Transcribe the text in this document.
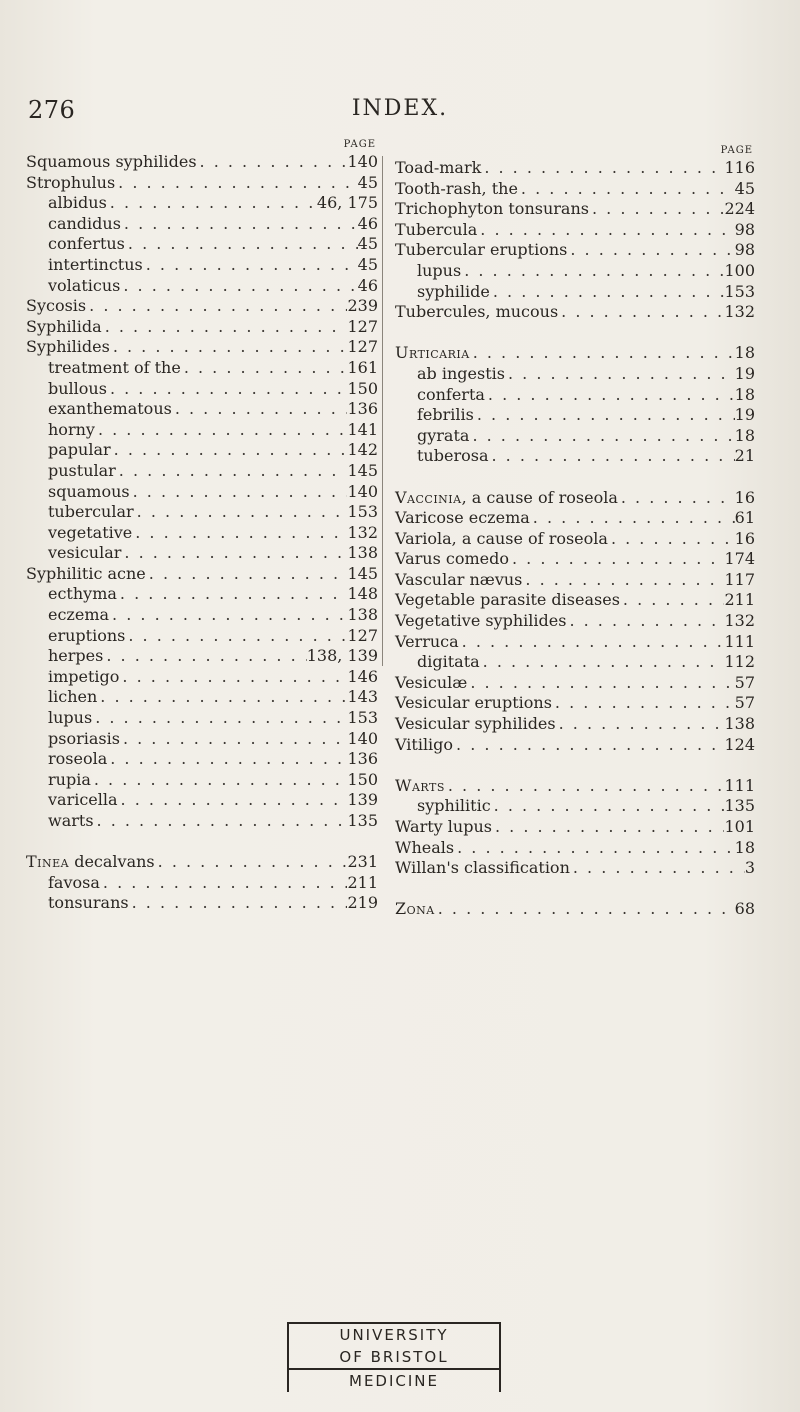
276	INDEX.
PAGE
Squamous syphilides . . .	140
Strophulus . . .	45
albidus . . .	46, 175
candidus . . .	46
confertus . . .	45
intertinctus . . .	45
volaticus . . .	46
Sycosis . . .	239
Syphilida . . .	127
Syphilides . . .	127
treatment of the . . .	161
bullous . . .	150
exanthematous . . .	136
horny . . .	141
papular . . .	142
pustular . . .	145
squamous . . .	140
tubercular . . .	153
vegetative . . .	132
vesicular . . .	138
Syphilitic acne . . .	145
ecthyma . . .	148
eczema . . .	138
eruptions . . .	127
herpes . . .	138, 139
impetigo . . .	146
lichen . . .	143
lupus . . .	153
psoriasis . . .	140
roseola . . .	136
rupia . . .	150
varicella . . .	139
warts . . .	135
Tinea decalvans . . .	231
favosa . . .	211
tonsurans . . .	219
PAGE
Toad-mark . . .	116
Tooth-rash, the . . .	45
Trichophyton tonsurans . . .	224
Tubercula . . .	98
Tubercular eruptions . . .	98
lupus . . .	100
syphilide . . .	153
Tubercules, mucous . . .	132
Urticaria . . .	18
ab ingestis . . .	19
conferta . . .	18
febrilis . . .	19
gyrata . . .	18
tuberosa . . .	21
Vaccinia, a cause of roseola . . .	16
Varicose eczema . . .	61
Variola, a cause of roseola . . .	16
Varus comedo . . .	174
Vascular nævus . . .	117
Vegetable parasite diseases . . .	211
Vegetative syphilides . . .	132
Verruca . . .	111
digitata . . .	112
Vesiculæ . . .	57
Vesicular eruptions . . .	57
Vesicular syphilides . . .	138
Vitiligo . . .	124
Warts . . .	111
syphilitic . . .	135
Warty lupus . . .	101
Wheals . . .	18
Willan's classification . . .	3
Zona . . .	68
UNIVERSITY
OF BRISTOL
MEDICINE
